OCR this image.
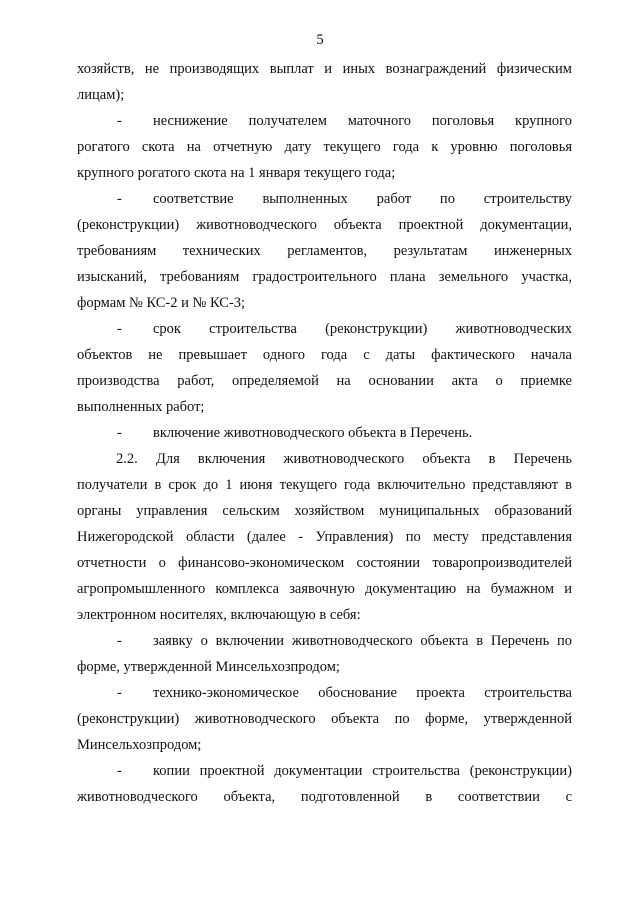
5
хозяйств, не производящих выплат и иных вознаграждений физическим
лицам);
- неснижение получателем маточного поголовья крупного
рогатого скота на отчетную дату текущего года к уровню поголовья
крупного рогатого скота на 1 января текущего года;
- соответствие выполненных работ по строительству
(реконструкции) животноводческого объекта проектной документации,
требованиям технических регламентов, результатам инженерных
изысканий, требованиям градостроительного плана земельного участка,
формам № КС-2 и № КС-3;
- срок строительства (реконструкции) животноводческих
объектов не превышает одного года с даты фактического начала
производства работ, определяемой на основании акта о приемке
выполненных работ;
- включение животноводческого объекта в Перечень.
2.2. Для включения животноводческого объекта в Перечень
получатели в срок до 1 июня текущего года включительно представляют в
органы управления сельским хозяйством муниципальных образований
Нижегородской области (далее - Управления) по месту представления
отчетности о финансово-экономическом состоянии товаропроизводителей
агропромышленного комплекса заявочную документацию на бумажном и
электронном носителях, включающую в себя:
- заявку о включении животноводческого объекта в Перечень по
форме, утвержденной Минсельхозпродом;
- технико-экономическое обоснование проекта строительства
(реконструкции) животноводческого объекта по форме, утвержденной
Минсельхозпродом;
- копии проектной документации строительства (реконструкции)
животноводческого объекта, подготовленной в соответствии с
